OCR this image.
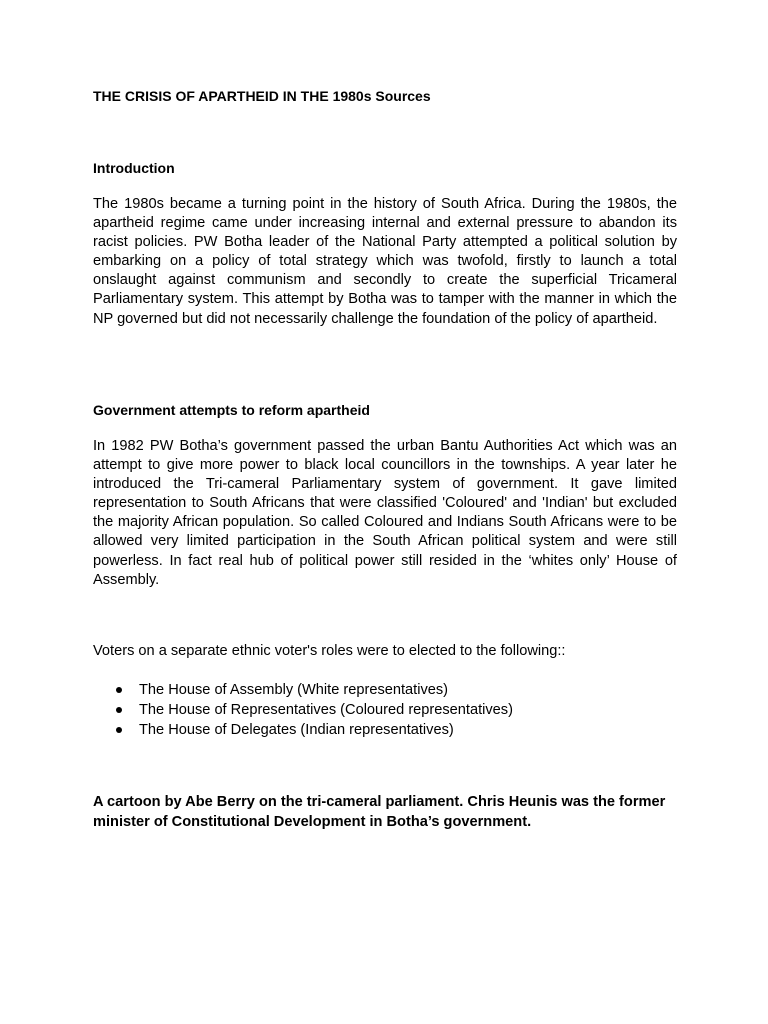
THE CRISIS OF APARTHEID IN THE 1980s Sources
Introduction
The 1980s became a turning point in the history of South Africa. During the 1980s, the apartheid regime came under increasing internal and external pressure to abandon its racist policies. PW Botha leader of the National Party attempted a political solution by embarking on a policy of total strategy which was twofold, firstly to launch a total onslaught against communism and secondly to create the superficial Tricameral Parliamentary system. This attempt by Botha was to tamper with the manner in which the NP governed but did not necessarily challenge the foundation of the policy of apartheid.
Government attempts to reform apartheid
In 1982 PW Botha’s government passed the urban Bantu Authorities Act which was an attempt to give more power to black local councillors in the townships. A year later he introduced the Tri-cameral Parliamentary system of government. It gave limited representation to South Africans that were classified 'Coloured' and 'Indian' but excluded the majority African population. So called Coloured and Indians South Africans were to be allowed very limited participation in the South African political system and were still powerless. In fact real hub of political power still resided in the ‘whites only’ House of Assembly.
Voters on a separate ethnic voter's roles were to elected to the following::
The House of Assembly (White representatives)
The House of Representatives (Coloured representatives)
The House of Delegates (Indian representatives)
A cartoon by Abe Berry on the tri-cameral parliament. Chris Heunis was the former minister of Constitutional Development in Botha’s government.
